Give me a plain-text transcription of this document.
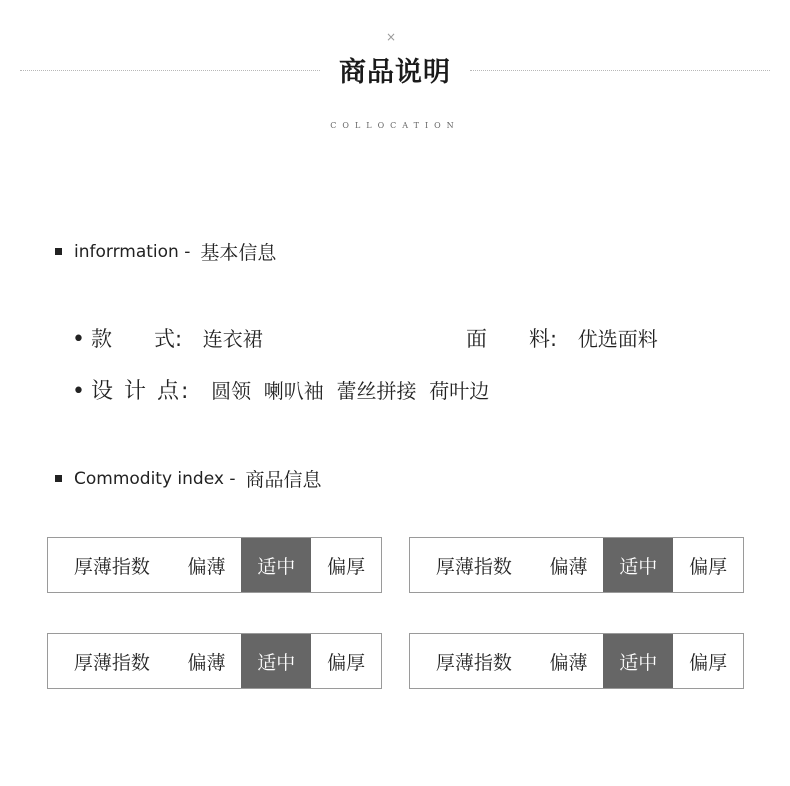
×
商品说明
COLLOCATION
inforrmation - 基本信息
• 款　　式: 连衣裙	面　　料: 优选面料
• 设 计 点: 圆领  喇叭袖  蕾丝拼接  荷叶边
Commodity index - 商品信息
厚薄指数	偏薄	适中	偏厚	厚薄指数	偏薄	适中	偏厚
厚薄指数	偏薄	适中	偏厚	厚薄指数	偏薄	适中	偏厚
